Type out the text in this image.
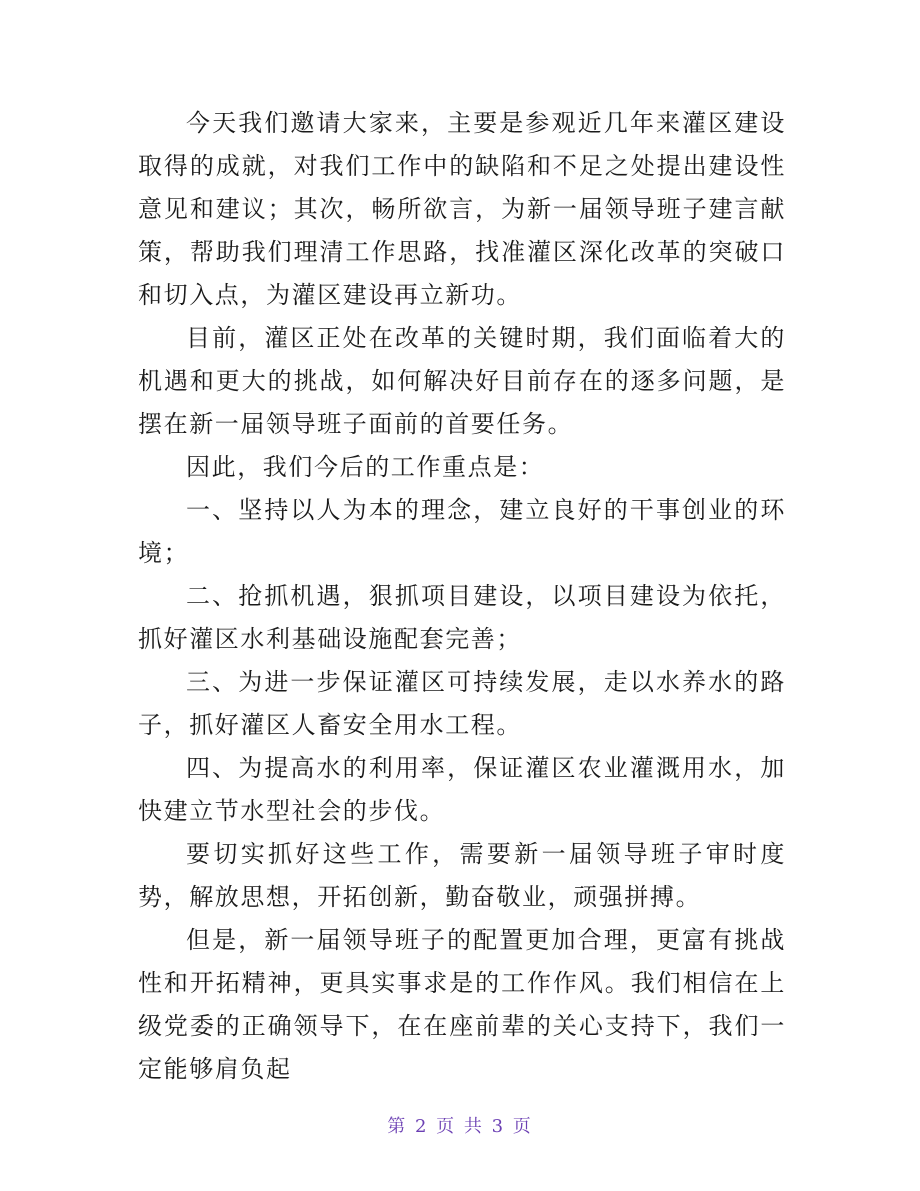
今天我们邀请大家来，主要是参观近几年来灌区建设取得的成就，对我们工作中的缺陷和不足之处提出建设性意见和建议；其次，畅所欲言，为新一届领导班子建言献策，帮助我们理清工作思路，找准灌区深化改革的突破口和切入点，为灌区建设再立新功。

目前，灌区正处在改革的关键时期，我们面临着大的机遇和更大的挑战，如何解决好目前存在的逐多问题，是摆在新一届领导班子面前的首要任务。

因此，我们今后的工作重点是：

一、坚持以人为本的理念，建立良好的干事创业的环境；

二、抢抓机遇，狠抓项目建设，以项目建设为依托，抓好灌区水利基础设施配套完善；

三、为进一步保证灌区可持续发展，走以水养水的路子，抓好灌区人畜安全用水工程。

四、为提高水的利用率，保证灌区农业灌溉用水，加快建立节水型社会的步伐。

要切实抓好这些工作，需要新一届领导班子审时度势，解放思想，开拓创新，勤奋敬业，顽强拼搏。

但是，新一届领导班子的配置更加合理，更富有挑战性和开拓精神，更具实事求是的工作作风。我们相信在上级党委的正确领导下，在在座前辈的关心支持下，我们一定能够肩负起

第 2 页 共 3 页
